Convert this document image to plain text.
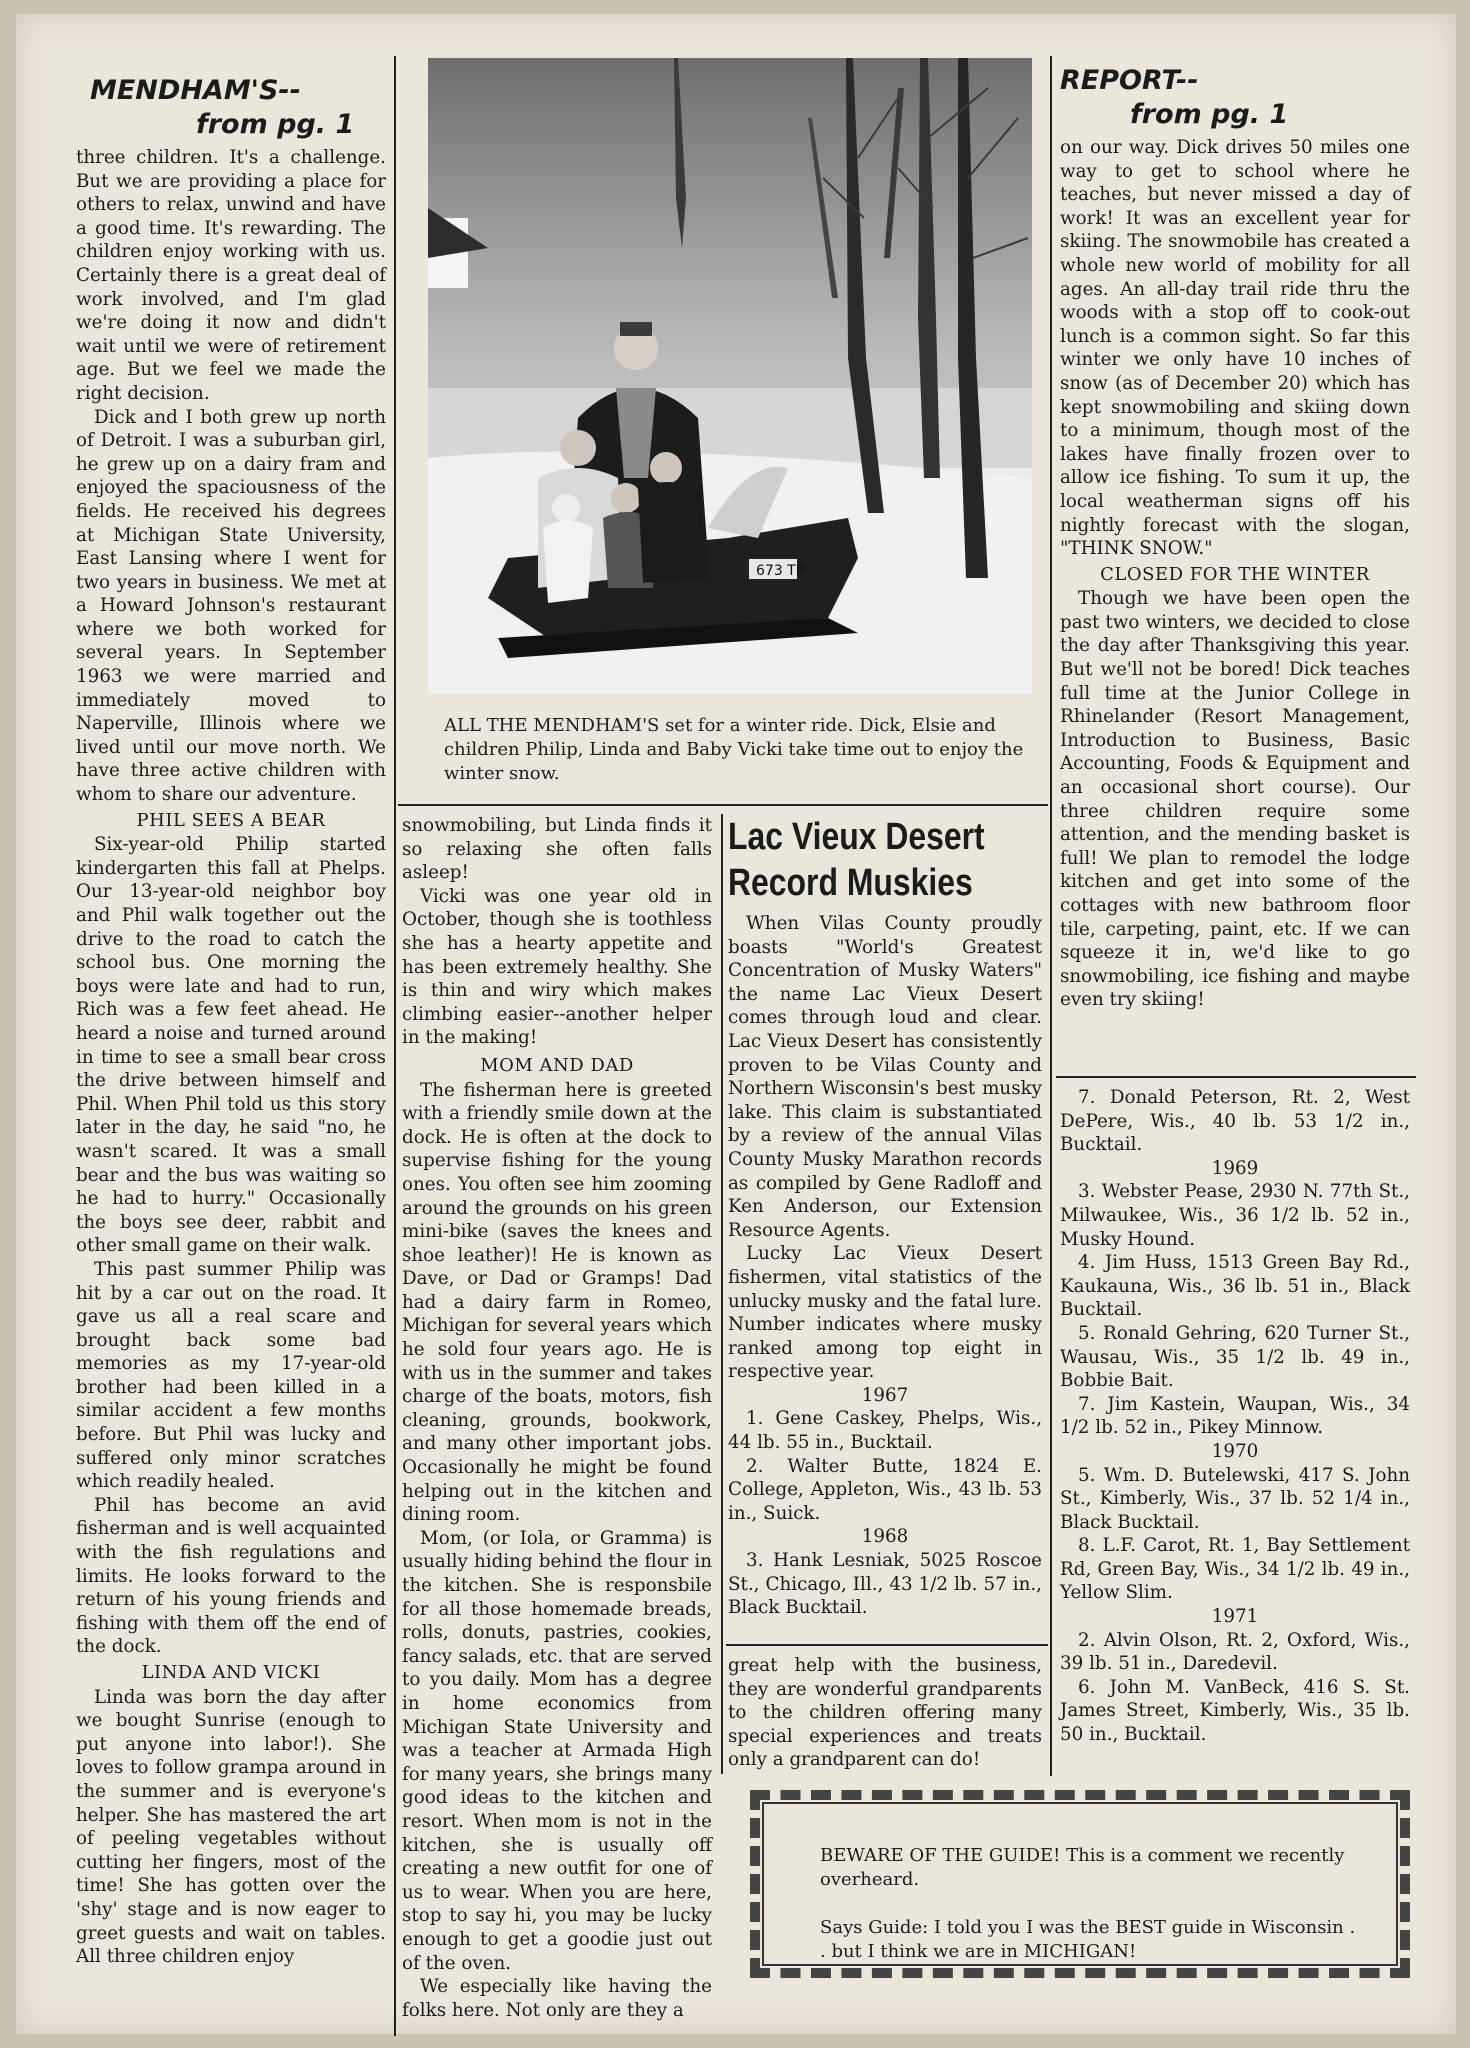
MENDHAM'S--
from pg. 1

three children. It's a challenge. But we are providing a place for others to relax, unwind and have a good time. It's rewarding. The children enjoy working with us. Certainly there is a great deal of work involved, and I'm glad we're doing it now and didn't wait until we were of retirement age. But we feel we made the right decision.

Dick and I both grew up north of Detroit. I was a suburban girl, he grew up on a dairy fram and enjoyed the spaciousness of the fields. He received his degrees at Michigan State University, East Lansing where I went for two years in business. We met at a Howard Johnson's restaurant where we both worked for several years. In September 1963 we were married and immediately moved to Naperville, Illinois where we lived until our move north. We have three active children with whom to share our adventure.

PHIL SEES A BEAR

Six-year-old Philip started kindergarten this fall at Phelps. Our 13-year-old neighbor boy and Phil walk together out the drive to the road to catch the school bus. One morning the boys were late and had to run, Rich was a few feet ahead. He heard a noise and turned around in time to see a small bear cross the drive between himself and Phil. When Phil told us this story later in the day, he said "no, he wasn't scared. It was a small bear and the bus was waiting so he had to hurry." Occasionally the boys see deer, rabbit and other small game on their walk.

This past summer Philip was hit by a car out on the road. It gave us all a real scare and brought back some bad memories as my 17-year-old brother had been killed in a similar accident a few months before. But Phil was lucky and suffered only minor scratches which readily healed.

Phil has become an avid fisherman and is well acquainted with the fish regulations and limits. He looks forward to the return of his young friends and fishing with them off the end of the dock.

LINDA AND VICKI

Linda was born the day after we bought Sunrise (enough to put anyone into labor!). She loves to follow grampa around in the summer and is everyone's helper. She has mastered the art of peeling vegetables without cutting her fingers, most of the time! She has gotten over the 'shy' stage and is now eager to greet guests and wait on tables. All three children enjoy

673 TP
ALL THE MENDHAM'S set for a winter ride. Dick, Elsie and children Philip, Linda and Baby Vicki take time out to enjoy the winter snow.

snowmobiling, but Linda finds it so relaxing she often falls asleep!

Vicki was one year old in October, though she is toothless she has a hearty appetite and has been extremely healthy. She is thin and wiry which makes climbing easier--another helper in the making!

MOM AND DAD

The fisherman here is greeted with a friendly smile down at the dock. He is often at the dock to supervise fishing for the young ones. You often see him zooming around the grounds on his green mini-bike (saves the knees and shoe leather)! He is known as Dave, or Dad or Gramps! Dad had a dairy farm in Romeo, Michigan for several years which he sold four years ago. He is with us in the summer and takes charge of the boats, motors, fish cleaning, grounds, bookwork, and many other important jobs. Occasionally he might be found helping out in the kitchen and dining room.

Mom, (or Iola, or Gramma) is usually hiding behind the flour in the kitchen. She is responsbile for all those homemade breads, rolls, donuts, pastries, cookies, fancy salads, etc. that are served to you daily. Mom has a degree in home economics from Michigan State University and was a teacher at Armada High for many years, she brings many good ideas to the kitchen and resort. When mom is not in the kitchen, she is usually off creating a new outfit for one of us to wear. When you are here, stop to say hi, you may be lucky enough to get a goodie just out of the oven.

We especially like having the folks here. Not only are they a

Lac Vieux Desert
Record Muskies

When Vilas County proudly boasts "World's Greatest Concentration of Musky Waters" the name Lac Vieux Desert comes through loud and clear. Lac Vieux Desert has consistently proven to be Vilas County and Northern Wisconsin's best musky lake. This claim is substantiated by a review of the annual Vilas County Musky Marathon records as compiled by Gene Radloff and Ken Anderson, our Extension Resource Agents.

Lucky Lac Vieux Desert fishermen, vital statistics of the unlucky musky and the fatal lure. Number indicates where musky ranked among top eight in respective year.

1967

1. Gene Caskey, Phelps, Wis., 44 lb. 55 in., Bucktail.

2. Walter Butte, 1824 E. College, Appleton, Wis., 43 lb. 53 in., Suick.

1968

3. Hank Lesniak, 5025 Roscoe St., Chicago, Ill., 43 1/2 lb. 57 in., Black Bucktail.

great help with the business, they are wonderful grandparents to the children offering many special experiences and treats only a grandparent can do!

REPORT--
from pg. 1

on our way. Dick drives 50 miles one way to get to school where he teaches, but never missed a day of work! It was an excellent year for skiing. The snowmobile has created a whole new world of mobility for all ages. An all-day trail ride thru the woods with a stop off to cook-out lunch is a common sight. So far this winter we only have 10 inches of snow (as of December 20) which has kept snowmobiling and skiing down to a minimum, though most of the lakes have finally frozen over to allow ice fishing. To sum it up, the local weatherman signs off his nightly forecast with the slogan, "THINK SNOW."

CLOSED FOR THE WINTER

Though we have been open the past two winters, we decided to close the day after Thanksgiving this year. But we'll not be bored! Dick teaches full time at the Junior College in Rhinelander (Resort Management, Introduction to Business, Basic Accounting, Foods & Equipment and an occasional short course). Our three children require some attention, and the mending basket is full! We plan to remodel the lodge kitchen and get into some of the cottages with new bathroom floor tile, carpeting, paint, etc. If we can squeeze it in, we'd like to go snowmobiling, ice fishing and maybe even try skiing!

7. Donald Peterson, Rt. 2, West DePere, Wis., 40 lb. 53 1/2 in., Bucktail.

1969

3. Webster Pease, 2930 N. 77th St., Milwaukee, Wis., 36 1/2 lb. 52 in., Musky Hound.

4. Jim Huss, 1513 Green Bay Rd., Kaukauna, Wis., 36 lb. 51 in., Black Bucktail.

5. Ronald Gehring, 620 Turner St., Wausau, Wis., 35 1/2 lb. 49 in., Bobbie Bait.

7. Jim Kastein, Waupan, Wis., 34 1/2 lb. 52 in., Pikey Minnow.

1970

5. Wm. D. Butelewski, 417 S. John St., Kimberly, Wis., 37 lb. 52 1/4 in., Black Bucktail.

8. L.F. Carot, Rt. 1, Bay Settlement Rd, Green Bay, Wis., 34 1/2 lb. 49 in., Yellow Slim.

1971

2. Alvin Olson, Rt. 2, Oxford, Wis., 39 lb. 51 in., Daredevil.

6. John M. VanBeck, 416 S. St. James Street, Kimberly, Wis., 35 lb. 50 in., Bucktail.

BEWARE OF THE GUIDE! This is a comment we recently overheard.

Says Guide: I told you I was the BEST guide in Wisconsin . . but I think we are in MICHIGAN!
